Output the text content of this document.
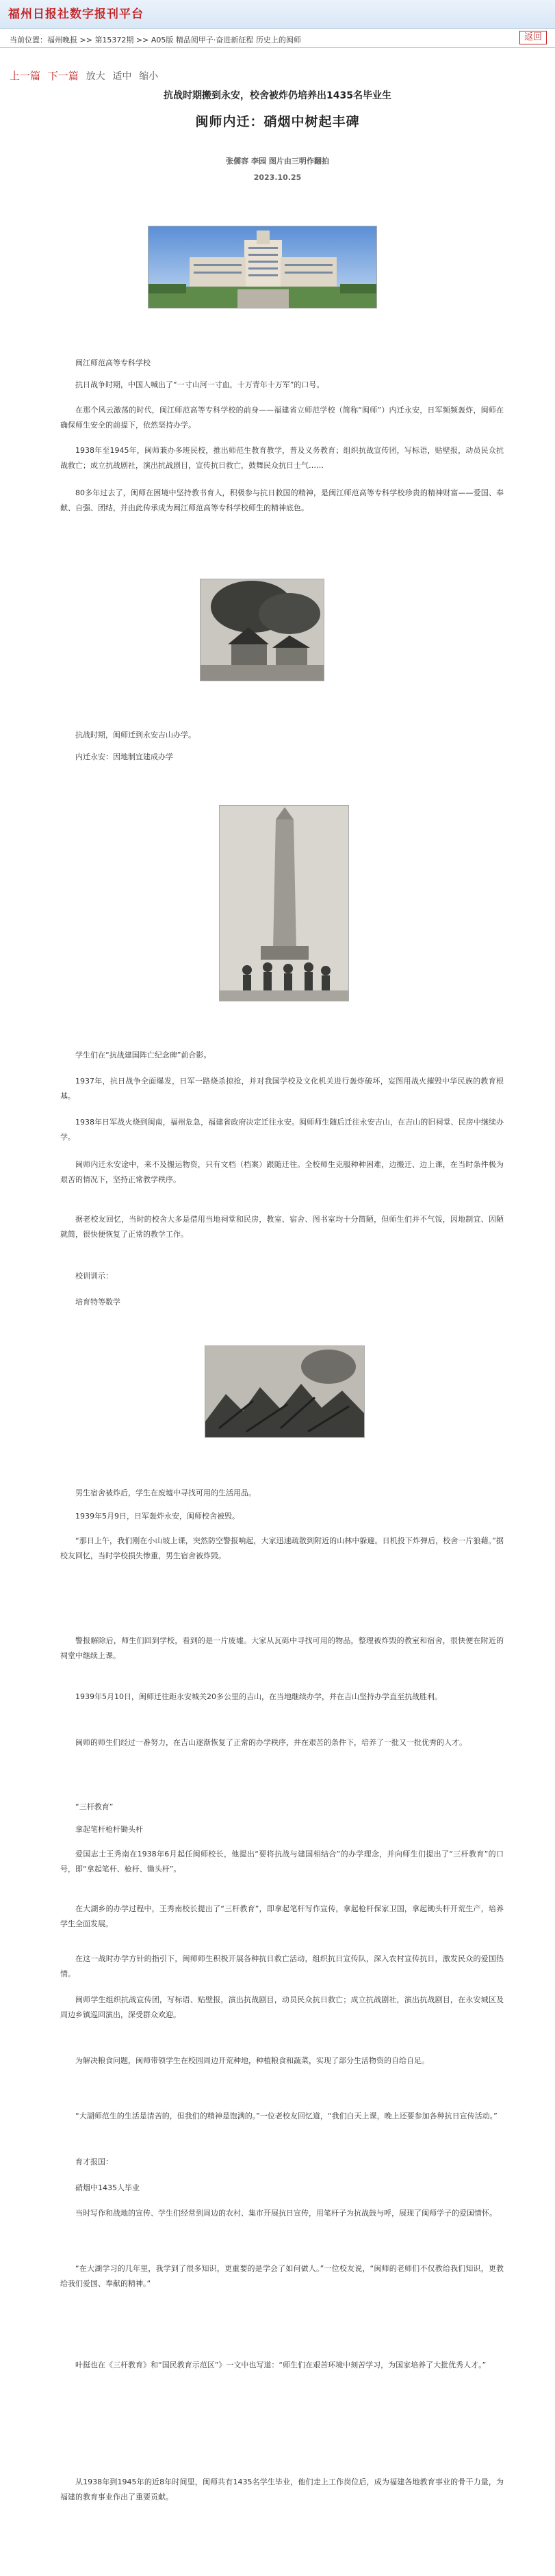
福州日报社数字报刊平台
当前位置：福州晚报 >> 第15372期 >> A05版 精品阅甲子·奋进新征程 历史上的闽师	返回
上一篇 下一篇 放大 适中 缩小
抗战时期搬到永安，校舍被炸仍培养出1435名毕业生
闽师内迁：硝烟中树起丰碑
张儒容 李园 图片由三明作翻拍
2023.10.25
闽江师范高等专科学校
抗日战争时期，中国人喊出了“一寸山河一寸血，十万青年十万军”的口号。
在那个风云激荡的时代，闽江师范高等专科学校的前身——福建省立师范学校（简称“闽师”）内迁永安，日军频频轰炸，闽师在确保师生安全的前提下，依然坚持办学。
1938年至1945年，闽师兼办多班民校，推出师范生教育教学，普及义务教育；组织抗战宣传团，写标语，贴壁报，动员民众抗战救亡；成立抗战剧社，演出抗战剧目，宣传抗日救亡，鼓舞民众抗日士气……
80多年过去了，闽师在困境中坚持教书育人，积极参与抗日救国的精神，是闽江师范高等专科学校珍贵的精神财富——爱国、奉献、自强、团结，并由此传承成为闽江师范高等专科学校师生的精神底色。
抗战时期，闽师迁到永安吉山办学。
内迁永安：因地制宜建成办学
学生们在“抗战建国阵亡纪念碑”前合影。
1937年，抗日战争全面爆发，日军一路烧杀掠抢，并对我国学校及文化机关进行轰炸破坏，妄图用战火摧毁中华民族的教育根基。
1938年日军战火烧到闽南，福州危急，福建省政府决定迁往永安。闽师师生随后迁往永安吉山，在吉山的旧祠堂、民房中继续办学。
闽师内迁永安途中，来不及搬运物资，只有文档（档案）跟随迁往。全校师生克服种种困难，边搬迁、边上课，在当时条件极为艰苦的情况下，坚持正常教学秩序。
据老校友回忆，当时的校舍大多是借用当地祠堂和民房，教室、宿舍、图书室均十分简陋，但师生们并不气馁，因地制宜、因陋就简，很快便恢复了正常的教学工作。
校训训示：
培育特等数学
男生宿舍被炸后，学生在废墟中寻找可用的生活用品。
1939年5月9日，日军轰炸永安，闽师校舍被毁。
“那日上午，我们刚在小山坡上课，突然防空警报响起，大家迅速疏散到附近的山林中躲避。日机投下炸弹后，校舍一片狼藉。”据校友回忆，当时学校损失惨重，男生宿舍被炸毁。
警报解除后，师生们回到学校，看到的是一片废墟。大家从瓦砾中寻找可用的物品，整理被炸毁的教室和宿舍，很快便在附近的祠堂中继续上课。
1939年5月10日，闽师迁往距永安城关20多公里的吉山，在当地继续办学，并在吉山坚持办学直至抗战胜利。
闽师的师生们经过一番努力，在吉山逐渐恢复了正常的办学秩序，并在艰苦的条件下，培养了一批又一批优秀的人才。
“三杆教育”
拿起笔杆枪杆锄头杆
爱国志士王秀南在1938年6月起任闽师校长，他提出“要将抗战与建国相结合”的办学理念，并向师生们提出了“三杆教育”的口号，即“拿起笔杆、枪杆、锄头杆”。
在大湖乡的办学过程中，王秀南校长提出了“三杆教育”，即拿起笔杆写作宣传，拿起枪杆保家卫国，拿起锄头杆开荒生产，培养学生全面发展。
在这一战时办学方针的指引下，闽师师生积极开展各种抗日救亡活动，组织抗日宣传队，深入农村宣传抗日，激发民众的爱国热情。
闽师学生组织抗战宣传团，写标语、贴壁报，演出抗战剧目，动员民众抗日救亡；成立抗战剧社，演出抗战剧目，在永安城区及周边乡镇巡回演出，深受群众欢迎。
为解决粮食问题，闽师带领学生在校园周边开荒种地，种植粮食和蔬菜，实现了部分生活物资的自给自足。
“大湖师范生的生活是清苦的，但我们的精神是饱满的。”一位老校友回忆道，“我们白天上课，晚上还要参加各种抗日宣传活动。”
育才报国：
硝烟中1435人毕业
当时写作和战地的宣传、学生们经常到周边的农村、集市开展抗日宣传，用笔杆子为抗战鼓与呼，展现了闽师学子的爱国情怀。
“在大湖学习的几年里，我学到了很多知识，更重要的是学会了如何做人。”一位校友说，“闽师的老师们不仅教给我们知识，更教给我们爱国、奉献的精神。”
叶挺也在《三杆教育》和“国民教育示范区”》一文中也写道：“师生们在艰苦环境中刻苦学习，为国家培养了大批优秀人才。”
从1938年到1945年的近8年时间里，闽师共有1435名学生毕业，他们走上工作岗位后，成为福建各地教育事业的骨干力量，为福建的教育事业作出了重要贡献。
